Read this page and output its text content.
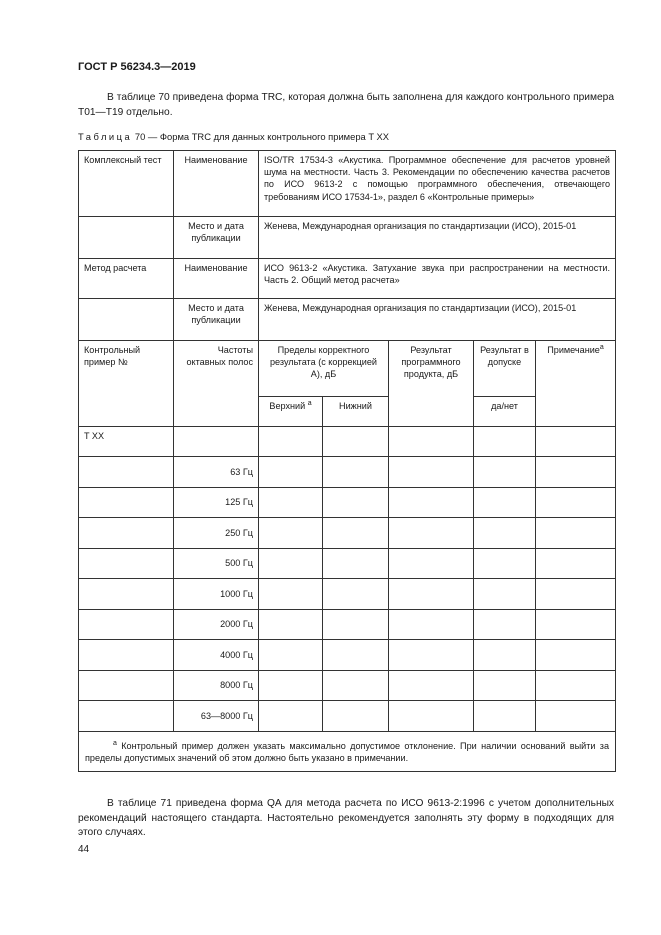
ГОСТ Р 56234.3—2019
В таблице 70 приведена форма TRC, которая должна быть заполнена для каждого контрольного примера T01—T19 отдельно.
Таблица 70 — Форма TRC для данных контрольного примера T XX
Комплексный тест	Наименование	ISO/TR 17534-3 «Акустика. Программное обеспечение для расчетов уровней шума на местности. Часть 3. Рекомендации по обеспечению качества расчетов по ИСО 9613-2 с помощью программного обеспечения, отвечающего требованиям ИСО 17534-1», раздел 6 «Контрольные примеры»				
	Место и дата публикации	Женева, Международная организация по стандартизации (ИСО), 2015-01				
Метод расчета	Наименование	ИСО 9613-2 «Акустика. Затухание звука при распространении на местности. Часть 2. Общий метод расчета»				
	Место и дата публикации	Женева, Международная организация по стандартизации (ИСО), 2015-01				
Контрольный пример №	Частоты октавных полос	Пределы корректного результата (с коррекцией А), дБ		Результат программного продукта, дБ	Результат в допуске	Примечание$^a$
		Верхний $^a$	Нижний		да/нет	
T XX						
	63 Гц					
	125 Гц					
	250 Гц					
	500 Гц					
	1000 Гц					
	2000 Гц					
	4000 Гц					
	8000 Гц					
	63—8000 Гц					
$^a$ Контрольный пример должен указать максимально допустимое отклонение. При наличии оснований выйти за пределы допустимых значений об этом должно быть указано в примечании.						
В таблице 71 приведена форма QA для метода расчета по ИСО 9613-2:1996 с учетом дополнительных рекомендаций настоящего стандарта. Настоятельно рекомендуется заполнять эту форму в подходящих для этого случаях.
44
